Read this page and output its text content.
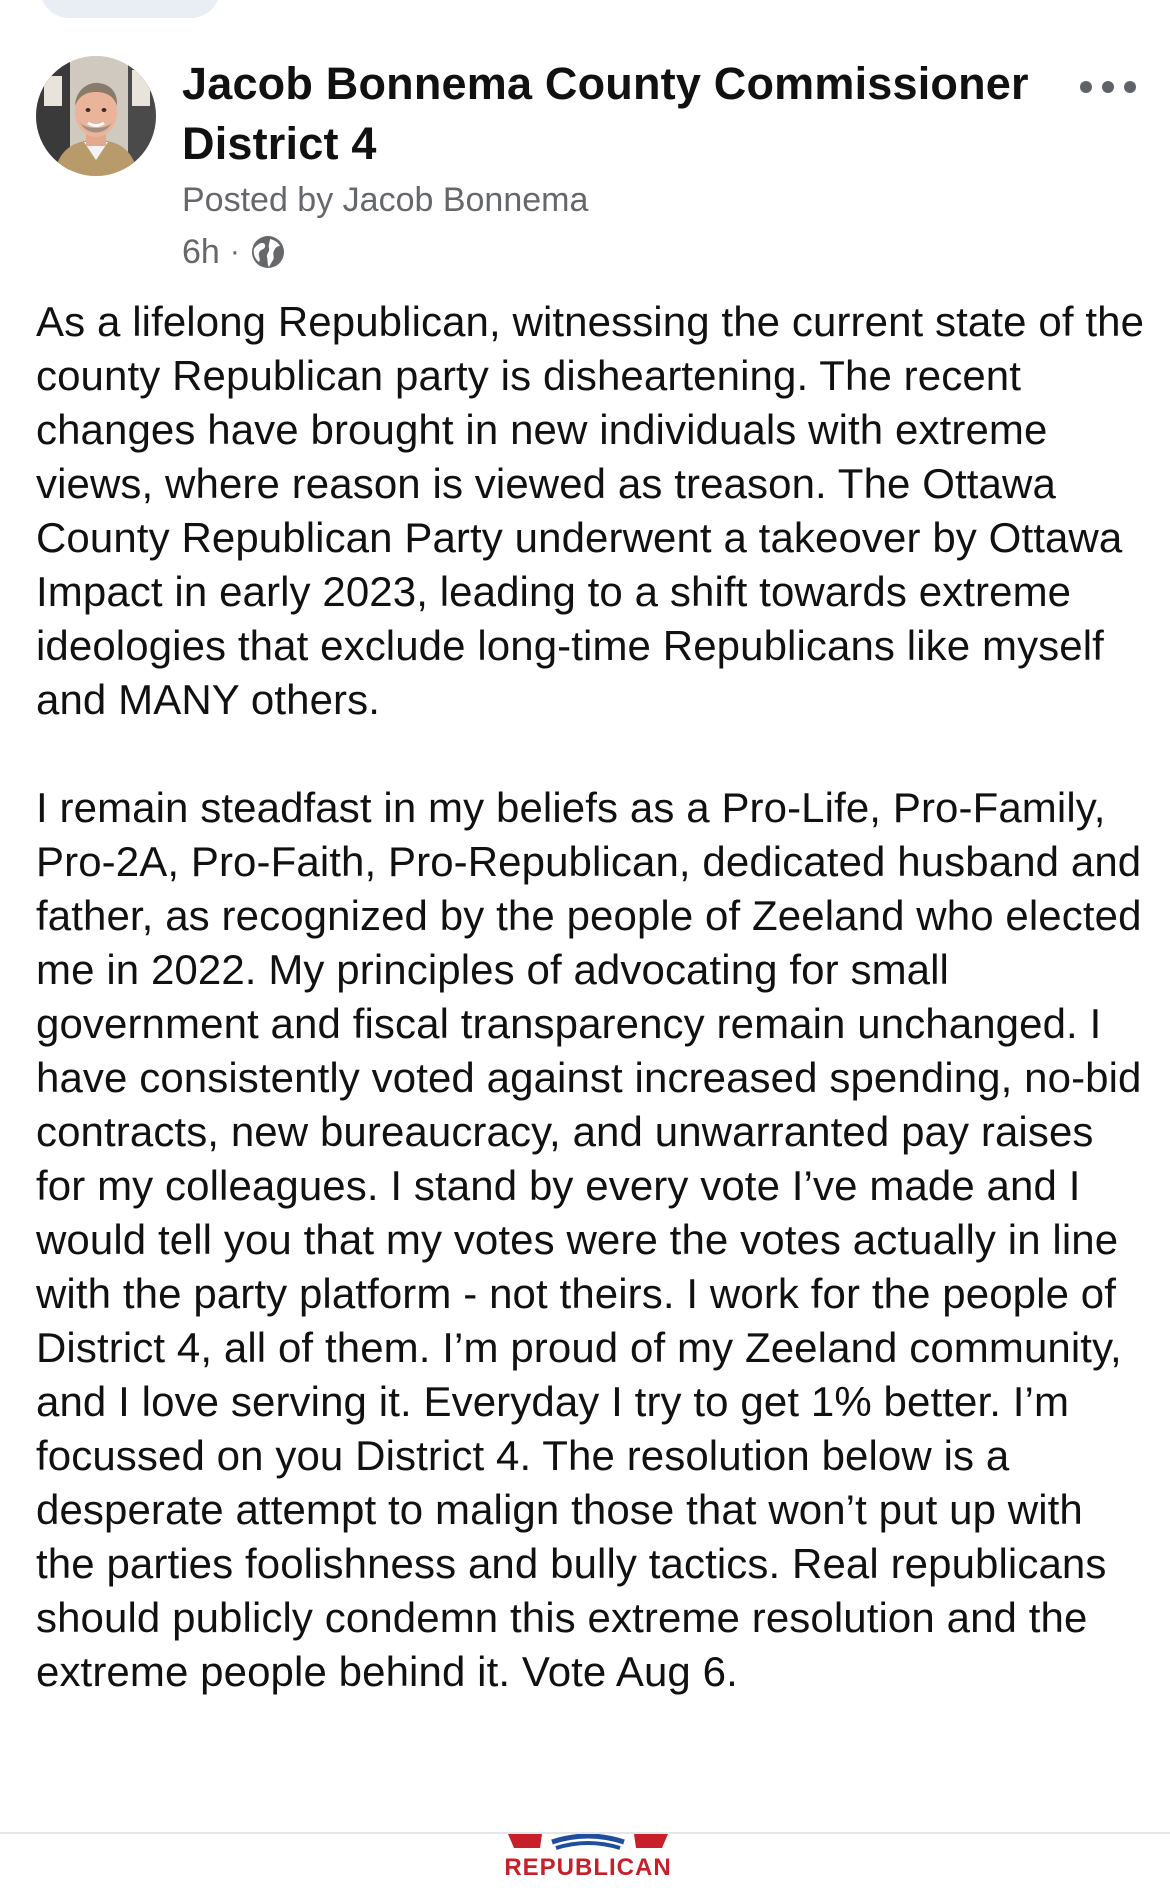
Jacob Bonnema County Commissioner District 4
Posted by Jacob Bonnema
6h ·

As a lifelong Republican, witnessing the current state of the county Republican party is disheartening. The recent changes have brought in new individuals with extreme views, where reason is viewed as treason. The Ottawa County Republican Party underwent a takeover by Ottawa Impact in early 2023, leading to a shift towards extreme ideologies that exclude long-time Republicans like myself and MANY others.

I remain steadfast in my beliefs as a Pro-Life, Pro-Family, Pro-2A, Pro-Faith, Pro-Republican, dedicated husband and father, as recognized by the people of Zeeland who elected me in 2022. My principles of advocating for small government and fiscal transparency remain unchanged. I have consistently voted against increased spending, no-bid contracts, new bureaucracy, and unwarranted pay raises for my colleagues. I stand by every vote I’ve made and I would tell you that my votes were the votes actually in line with the party platform - not theirs. I work for the people of District 4, all of them. I’m proud of my Zeeland community, and I love serving it. Everyday I try to get 1% better. I’m focussed on you District 4. The resolution below is a desperate attempt to malign those that won’t put up with the parties foolishness and bully tactics. Real republicans should publicly condemn this extreme resolution and the extreme people behind it. Vote Aug 6.

REPUBLICAN
